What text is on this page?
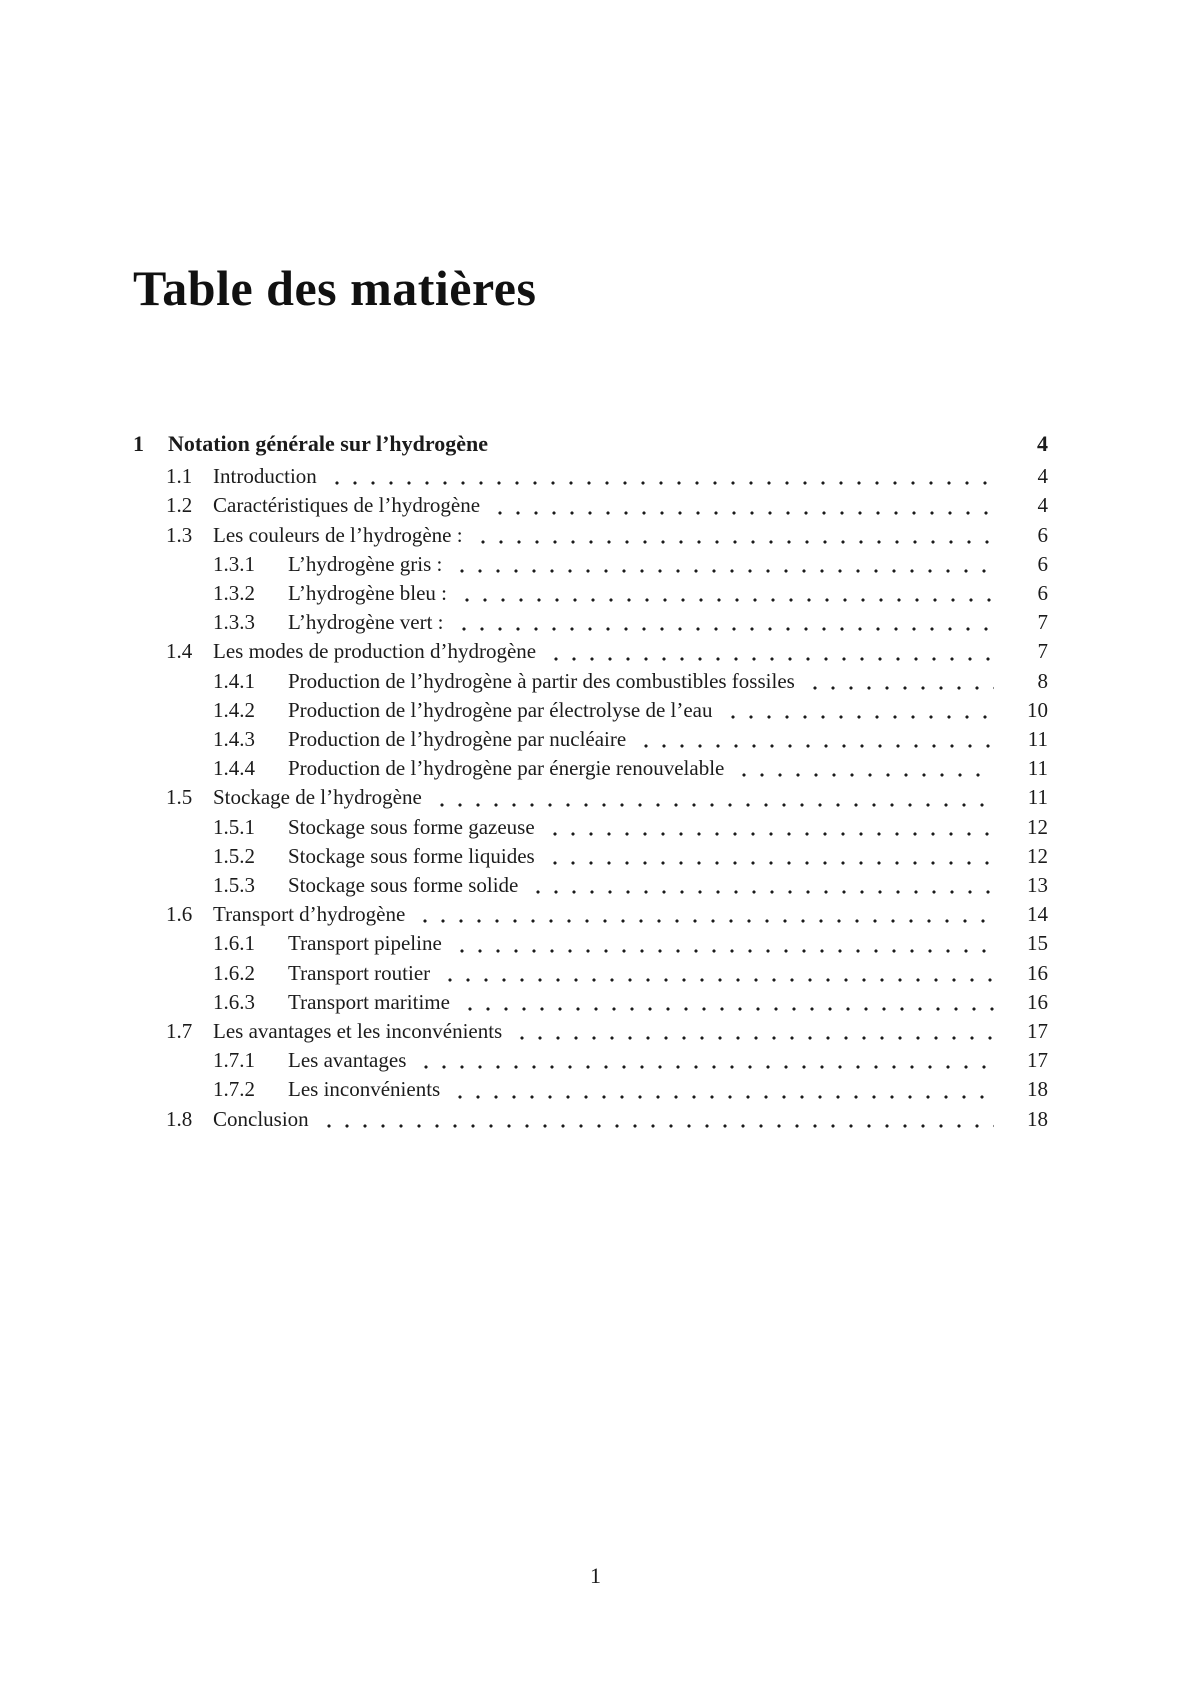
Table des matières
1	Notation générale sur l’hydrogène	4
1.1 Introduction	4
1.2 Caractéristiques de l’hydrogène	4
1.3 Les couleurs de l’hydrogène :	6
1.3.1	L’hydrogène gris :	6
1.3.2	L’hydrogène bleu :	6
1.3.3	L’hydrogène vert :	7
1.4 Les modes de production d’hydrogène	7
1.4.1	Production de l’hydrogène à partir des combustibles fossiles	8
1.4.2	Production de l’hydrogène par électrolyse de l’eau	10
1.4.3	Production de l’hydrogène par nucléaire	11
1.4.4	Production de l’hydrogène par énergie renouvelable	11
1.5 Stockage de l’hydrogène	11
1.5.1	Stockage sous forme gazeuse	12
1.5.2	Stockage sous forme liquides	12
1.5.3	Stockage sous forme solide	13
1.6 Transport d’hydrogène	14
1.6.1	Transport pipeline	15
1.6.2	Transport routier	16
1.6.3	Transport maritime	16
1.7 Les avantages et les inconvénients	17
1.7.1	Les avantages	17
1.7.2	Les inconvénients	18
1.8 Conclusion	18
1
